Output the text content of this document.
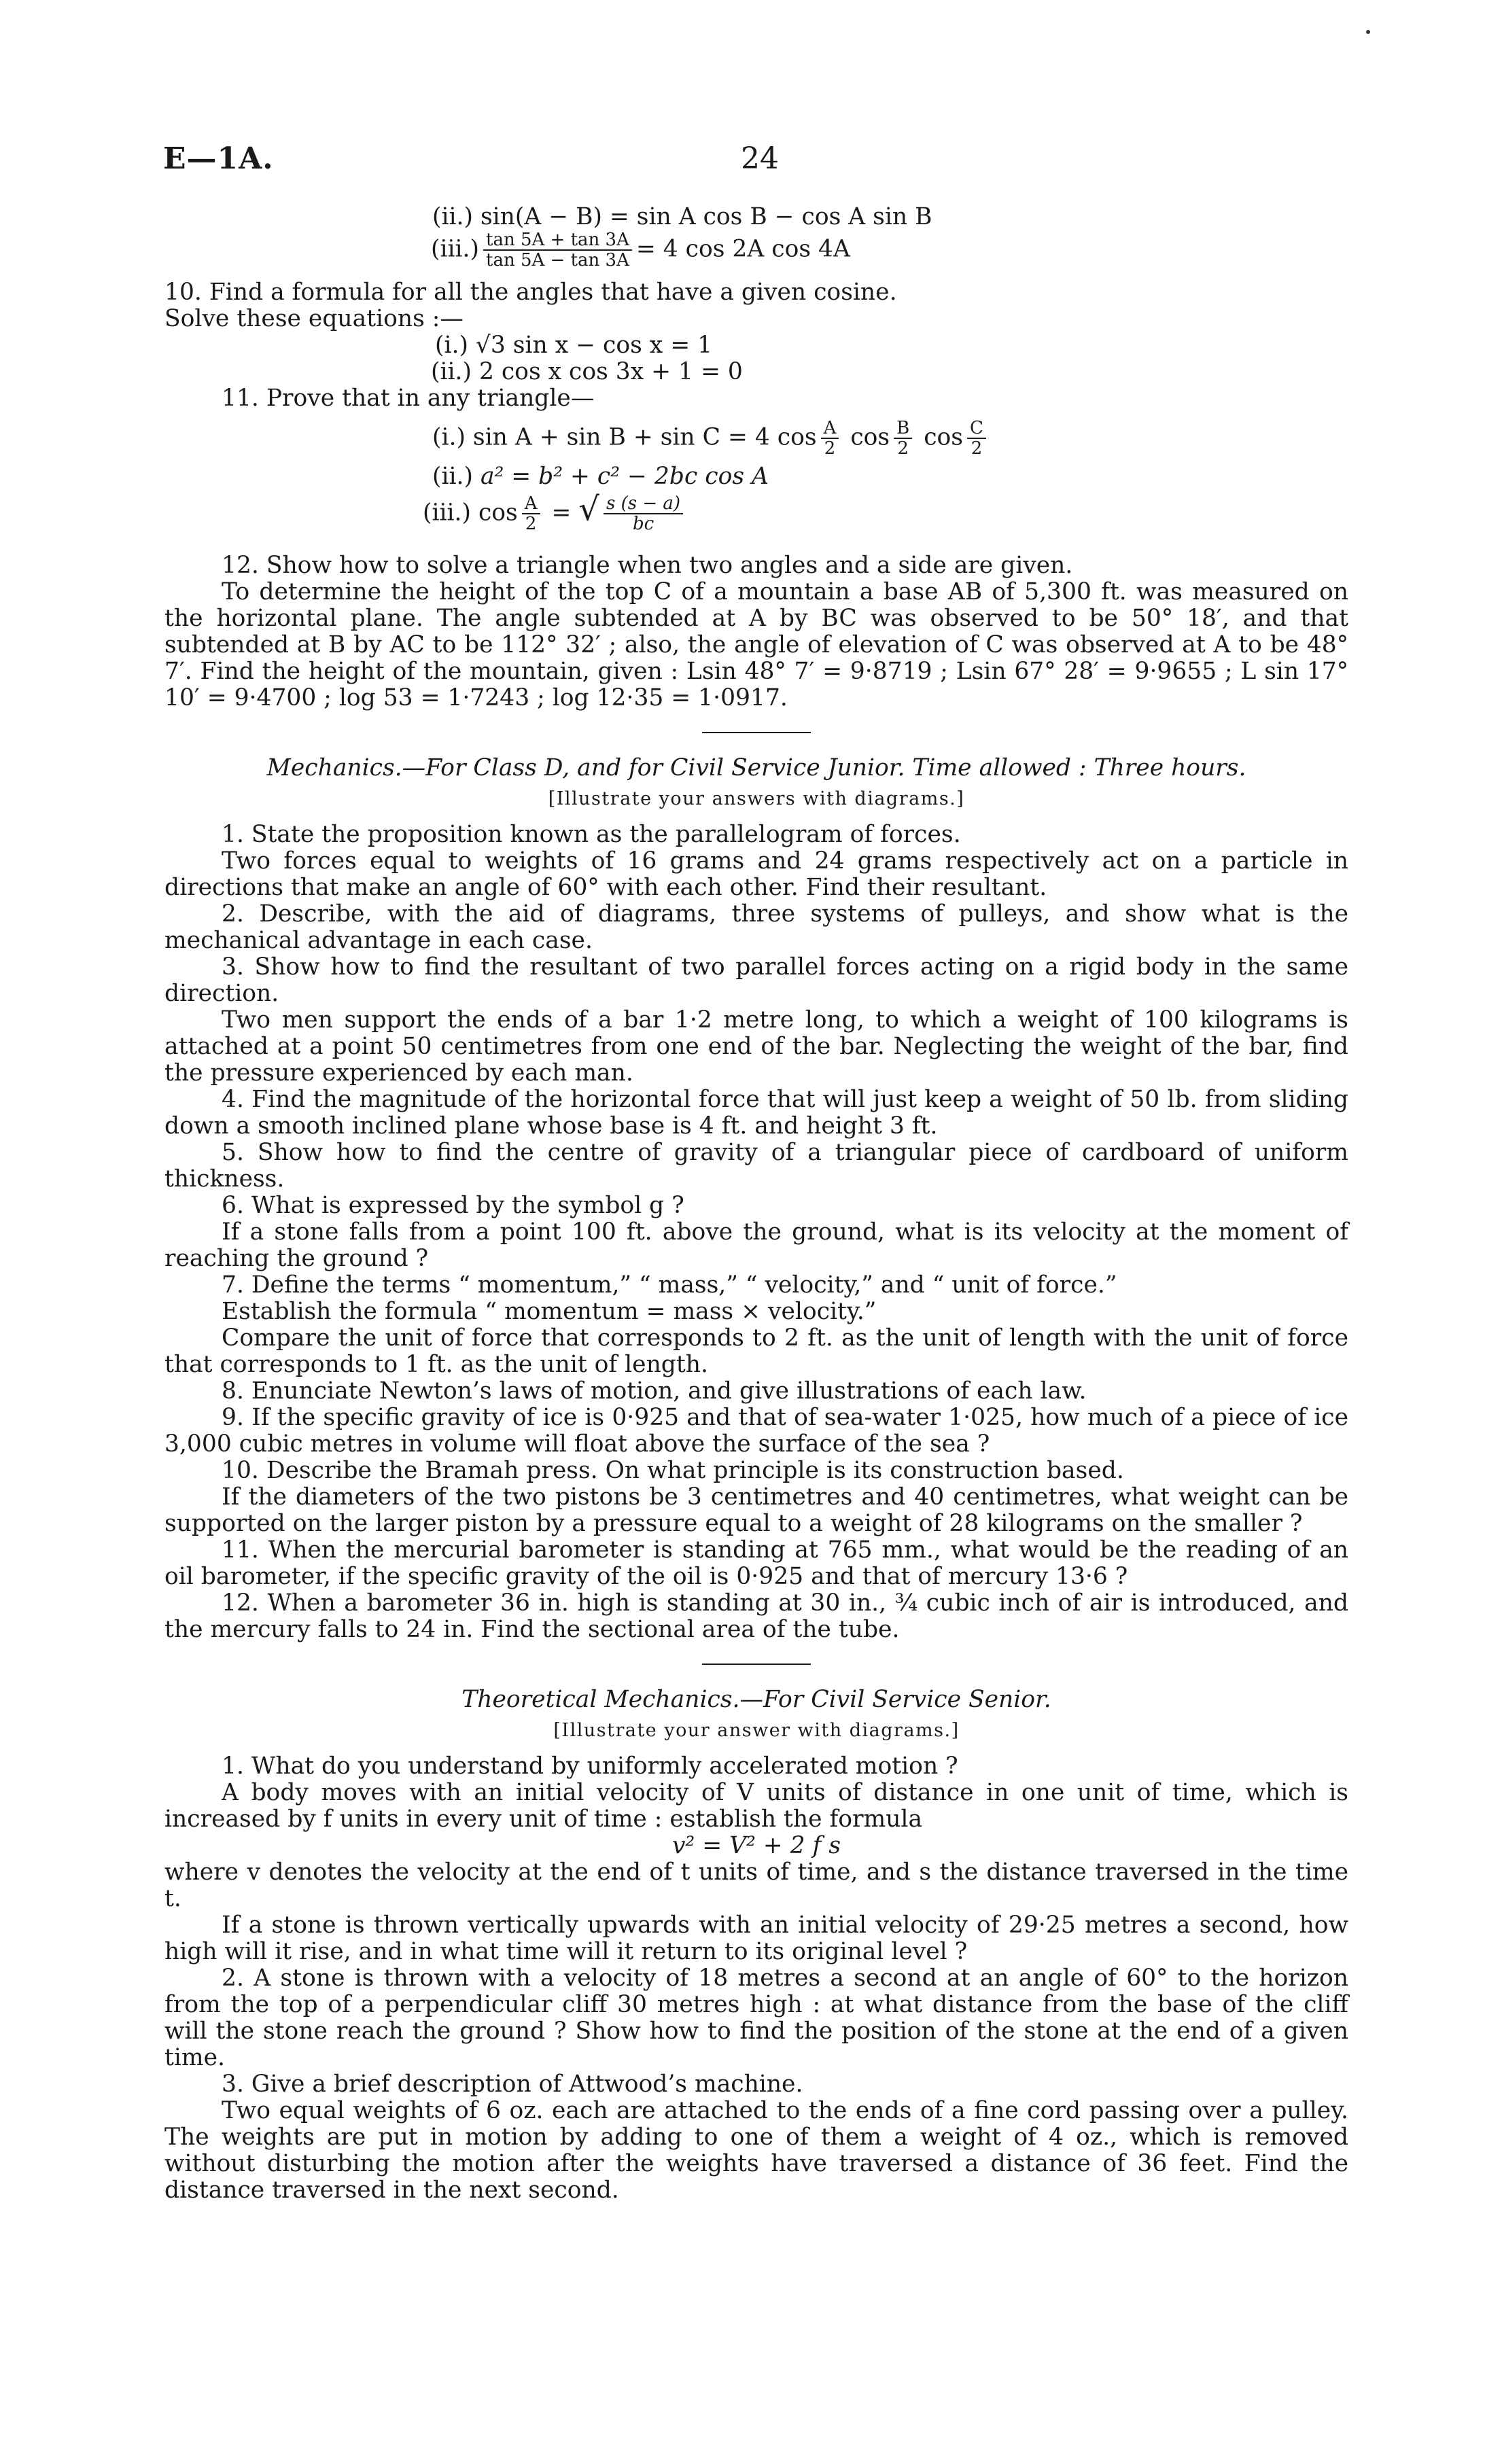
E—1A.	24

(ii.) sin(A − B) = sin A cos B − cos A sin B

$(iii.) \frac{\tan 5A + \tan 3A}{\tan 5A - \tan 3A} = 4$ cos 2A cos 4A

10. Find a formula for all the angles that have a given cosine.

Solve these equations :—

(i.) √3 sin x − cos x = 1

(ii.) 2 cos x cos 3x + 1 = 0

11. Prove that in any triangle—

(i.) sin A + sin B + sin C = 4 $\cos \frac{A}{2}$ $\cos \frac{B}{2}$ $\cos \frac{C}{2}$

(ii.) a² = b² + c² − 2bc cos A

(iii.) $\cos \frac{A}{2}$ = √ $\frac{s (s - a)}{bc}$

12. Show how to solve a triangle when two angles and a side are given.

To determine the height of the top C of a mountain a base AB of 5,300 ft. was measured on the horizontal plane. The angle subtended at A by BC was observed to be 50° 18′, and that subtended at B by AC to be 112° 32′ ; also, the angle of elevation of C was observed at A to be 48° 7′. Find the height of the mountain, given : Lsin 48° 7′ = 9·8719 ; Lsin 67° 28′ = 9·9655 ; L sin 17° 10′ = 9·4700 ; log 53 = 1·7243 ; log 12·35 = 1·0917.

Mechanics.—For Class D, and for Civil Service Junior. Time allowed : Three hours.

[Illustrate your answers with diagrams.]

1. State the proposition known as the parallelogram of forces.

Two forces equal to weights of 16 grams and 24 grams respectively act on a particle in directions that make an angle of 60° with each other. Find their resultant.

2. Describe, with the aid of diagrams, three systems of pulleys, and show what is the mechanical advantage in each case.

3. Show how to find the resultant of two parallel forces acting on a rigid body in the same direction.

Two men support the ends of a bar 1·2 metre long, to which a weight of 100 kilograms is attached at a point 50 centimetres from one end of the bar. Neglecting the weight of the bar, find the pressure experienced by each man.

4. Find the magnitude of the horizontal force that will just keep a weight of 50 lb. from sliding down a smooth inclined plane whose base is 4 ft. and height 3 ft.

5. Show how to find the centre of gravity of a triangular piece of cardboard of uniform thickness.

6. What is expressed by the symbol g ?

If a stone falls from a point 100 ft. above the ground, what is its velocity at the moment of reaching the ground ?

7. Define the terms “ momentum,” “ mass,” “ velocity,” and “ unit of force.”

Establish the formula “ momentum = mass × velocity.”

Compare the unit of force that corresponds to 2 ft. as the unit of length with the unit of force that corresponds to 1 ft. as the unit of length.

8. Enunciate Newton’s laws of motion, and give illustrations of each law.

9. If the specific gravity of ice is 0·925 and that of sea-water 1·025, how much of a piece of ice 3,000 cubic metres in volume will float above the surface of the sea ?

10. Describe the Bramah press. On what principle is its construction based.

If the diameters of the two pistons be 3 centimetres and 40 centimetres, what weight can be supported on the larger piston by a pressure equal to a weight of 28 kilograms on the smaller ?

11. When the mercurial barometer is standing at 765 mm., what would be the reading of an oil barometer, if the specific gravity of the oil is 0·925 and that of mercury 13·6 ?

12. When a barometer 36 in. high is standing at 30 in., ¾ cubic inch of air is introduced, and the mercury falls to 24 in. Find the sectional area of the tube.

Theoretical Mechanics.—For Civil Service Senior.

[Illustrate your answer with diagrams.]

1. What do you understand by uniformly accelerated motion ?

A body moves with an initial velocity of V units of distance in one unit of time, which is increased by f units in every unit of time : establish the formula

v² = V² + 2 f s

where v denotes the velocity at the end of t units of time, and s the distance traversed in the time t.

If a stone is thrown vertically upwards with an initial velocity of 29·25 metres a second, how high will it rise, and in what time will it return to its original level ?

2. A stone is thrown with a velocity of 18 metres a second at an angle of 60° to the horizon from the top of a perpendicular cliff 30 metres high : at what distance from the base of the cliff will the stone reach the ground ? Show how to find the position of the stone at the end of a given time.

3. Give a brief description of Attwood’s machine.

Two equal weights of 6 oz. each are attached to the ends of a fine cord passing over a pulley. The weights are put in motion by adding to one of them a weight of 4 oz., which is removed without disturbing the motion after the weights have traversed a distance of 36 feet. Find the distance traversed in the next second.
